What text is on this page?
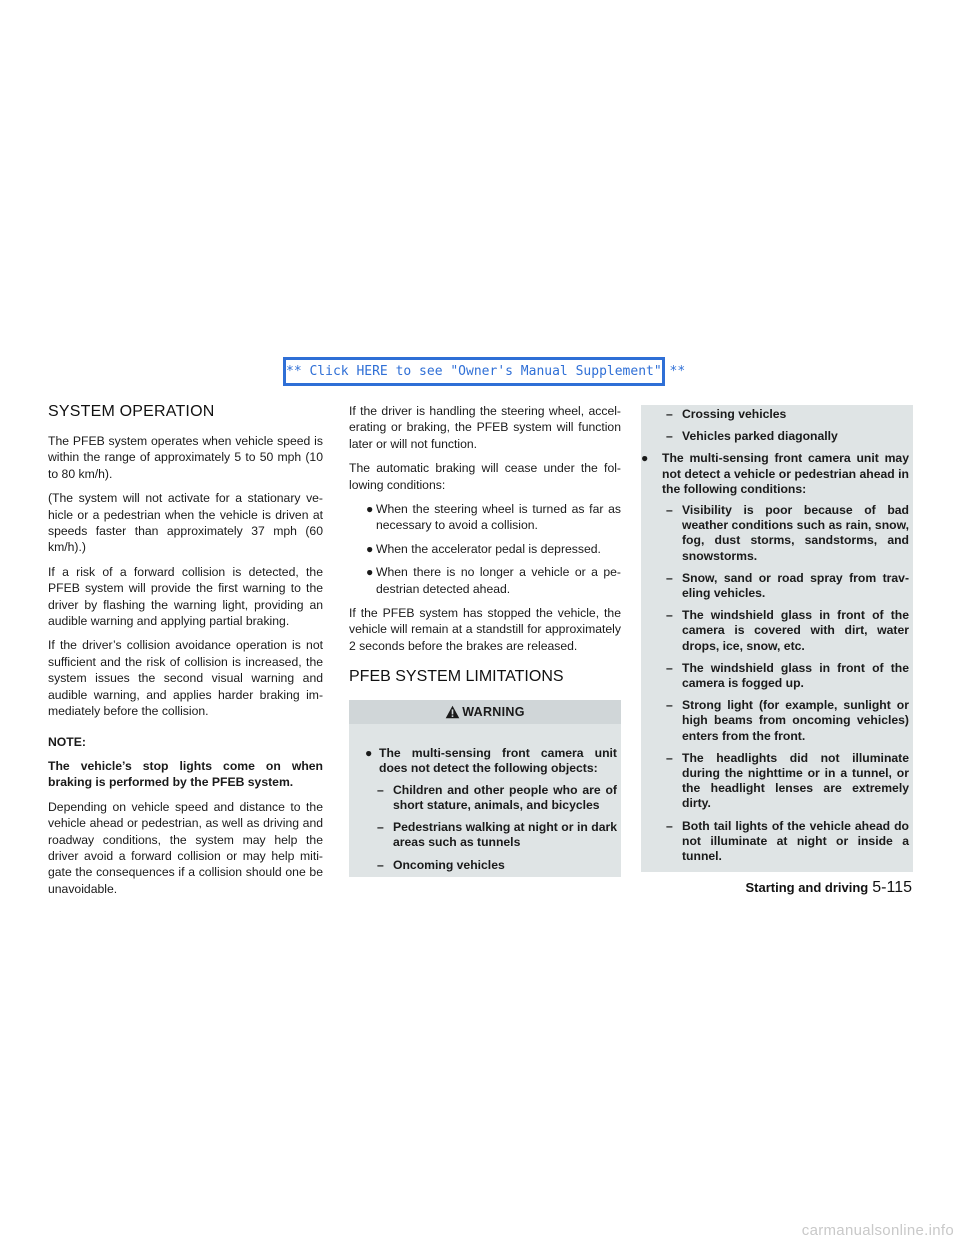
** Click HERE to see "Owner's Manual Supplement" **
SYSTEM OPERATION

The PFEB system operates when vehicle speed is within the range of approximately 5 to 50 mph (10 to 80 km/h).

(The system will not activate for a stationary ve-hicle or a pedestrian when the vehicle is driven at speeds faster than approximately 37 mph (60 km/h).)

If a risk of a forward collision is detected, the PFEB system will provide the first warning to the driver by flashing the warning light, providing an audible warning and applying partial braking.

If the driver’s collision avoidance operation is not sufficient and the risk of collision is increased, the system issues the second visual warning and audible warning, and applies harder braking im-mediately before the collision.

NOTE:

The vehicle’s stop lights come on when braking is performed by the PFEB system.

Depending on vehicle speed and distance to the vehicle ahead or pedestrian, as well as driving and roadway conditions, the system may help the driver avoid a forward collision or may help miti-gate the consequences if a collision should one be unavoidable.

If the driver is handling the steering wheel, accel-erating or braking, the PFEB system will function later or will not function.

The automatic braking will cease under the fol-lowing conditions:

● When the steering wheel is turned as far as necessary to avoid a collision.
● When the accelerator pedal is depressed.
● When there is no longer a vehicle or a pe-destrian detected ahead.

If the PFEB system has stopped the vehicle, the vehicle will remain at a standstill for approximately 2 seconds before the brakes are released.

PFEB SYSTEM LIMITATIONS
WARNING
● The multi-sensing front camera unit does not detect the following objects:
– Children and other people who are of short stature, animals, and bicycles
– Pedestrians walking at night or in dark areas such as tunnels
– Oncoming vehicles
– Crossing vehicles
– Vehicles parked diagonally
● The multi-sensing front camera unit may not detect a vehicle or pedestrian ahead in the following conditions:
– Visibility is poor because of bad weather conditions such as rain, snow, fog, dust storms, sandstorms, and snowstorms.
– Snow, sand or road spray from trav-eling vehicles.
– The windshield glass in front of the camera is covered with dirt, water drops, ice, snow, etc.
– The windshield glass in front of the camera is fogged up.
– Strong light (for example, sunlight or high beams from oncoming vehicles) enters from the front.
– The headlights did not illuminate during the nighttime or in a tunnel, or the headlight lenses are extremely dirty.
– Both tail lights of the vehicle ahead do not illuminate at night or inside a tunnel.
Starting and driving 5-115
carmanualsonline.info
